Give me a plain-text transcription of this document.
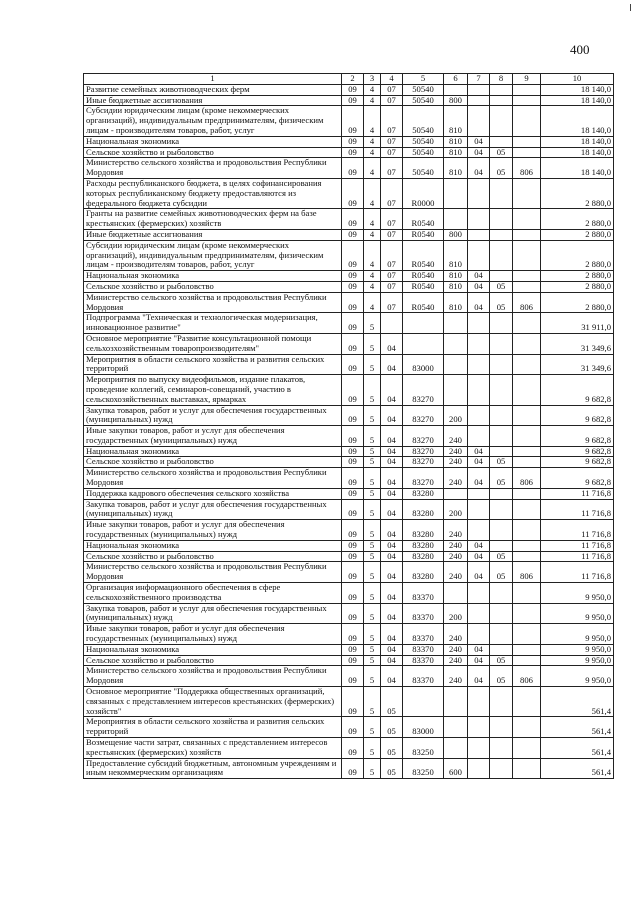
400
1	2	3	4	5	6	7	8	9	10
Развитие семейных животноводческих ферм	09	4	07	50540					18 140,0
Иные бюджетные ассигнования	09	4	07	50540	800				18 140,0
Субсидии юридическим лицам (кроме некоммерческих организаций), индивидуальным предпринимателям, физическим лицам - производителям товаров, работ, услуг	09	4	07	50540	810				18 140,0
Национальная экономика	09	4	07	50540	810	04			18 140,0
Сельское хозяйство и рыболовство	09	4	07	50540	810	04	05		18 140,0
Министерство сельского хозяйства и продовольствия Республики Мордовия	09	4	07	50540	810	04	05	806	18 140,0
Расходы республиканского бюджета, в целях софинансирования которых республиканскому бюджету предоставляются из федерального бюджета субсидии	09	4	07	R0000					2 880,0
Гранты на развитие семейных животноводческих ферм на базе крестьянских (фермерских) хозяйств	09	4	07	R0540					2 880,0
Иные бюджетные ассигнования	09	4	07	R0540	800				2 880,0
Субсидии юридическим лицам (кроме некоммерческих организаций), индивидуальным предпринимателям, физическим лицам - производителям товаров, работ, услуг	09	4	07	R0540	810				2 880,0
Национальная экономика	09	4	07	R0540	810	04			2 880,0
Сельское хозяйство и рыболовство	09	4	07	R0540	810	04	05		2 880,0
Министерство сельского хозяйства и продовольствия Республики Мордовия	09	4	07	R0540	810	04	05	806	2 880,0
Подпрограмма "Техническая и технологическая модернизация, инновационное развитие"	09	5							31 911,0
Основное мероприятие "Развитие консультационной помощи сельхозхозяйственным товаропроизводителям"	09	5	04						31 349,6
Мероприятия в области сельского хозяйства и развития сельских территорий	09	5	04	83000					31 349,6
Мероприятия по выпуску видеофильмов, издание плакатов, проведение коллегий, семинаров-совещаний, участию в сельскохозяйственных выставках, ярмарках	09	5	04	83270					9 682,8
Закупка товаров, работ и услуг для обеспечения государственных (муниципальных) нужд	09	5	04	83270	200				9 682,8
Иные закупки товаров, работ и услуг для обеспечения государственных (муниципальных) нужд	09	5	04	83270	240				9 682,8
Национальная экономика	09	5	04	83270	240	04			9 682,8
Сельское хозяйство и рыболовство	09	5	04	83270	240	04	05		9 682,8
Министерство сельского хозяйства и продовольствия Республики Мордовия	09	5	04	83270	240	04	05	806	9 682,8
Поддержка кадрового обеспечения сельского хозяйства	09	5	04	83280					11 716,8
Закупка товаров, работ и услуг для обеспечения государственных (муниципальных) нужд	09	5	04	83280	200				11 716,8
Иные закупки товаров, работ и услуг для обеспечения государственных (муниципальных) нужд	09	5	04	83280	240				11 716,8
Национальная экономика	09	5	04	83280	240	04			11 716,8
Сельское хозяйство и рыболовство	09	5	04	83280	240	04	05		11 716,8
Министерство сельского хозяйства и продовольствия Республики Мордовия	09	5	04	83280	240	04	05	806	11 716,8
Организация информационного обеспечения в сфере сельскохозяйственного производства	09	5	04	83370					9 950,0
Закупка товаров, работ и услуг для обеспечения государственных (муниципальных) нужд	09	5	04	83370	200				9 950,0
Иные закупки товаров, работ и услуг для обеспечения государственных (муниципальных) нужд	09	5	04	83370	240				9 950,0
Национальная экономика	09	5	04	83370	240	04			9 950,0
Сельское хозяйство и рыболовство	09	5	04	83370	240	04	05		9 950,0
Министерство сельского хозяйства и продовольствия Республики Мордовия	09	5	04	83370	240	04	05	806	9 950,0
Основное мероприятие "Поддержка общественных организаций, связанных с представлением интересов крестьянских (фермерских) хозяйств"	09	5	05						561,4
Мероприятия в области сельского хозяйства и развития сельских территорий	09	5	05	83000					561,4
Возмещение части затрат, связанных с представлением интересов крестьянских (фермерских) хозяйств	09	5	05	83250					561,4
Предоставление субсидий бюджетным, автономным учреждениям и иным некоммерческим организациям	09	5	05	83250	600				561,4
